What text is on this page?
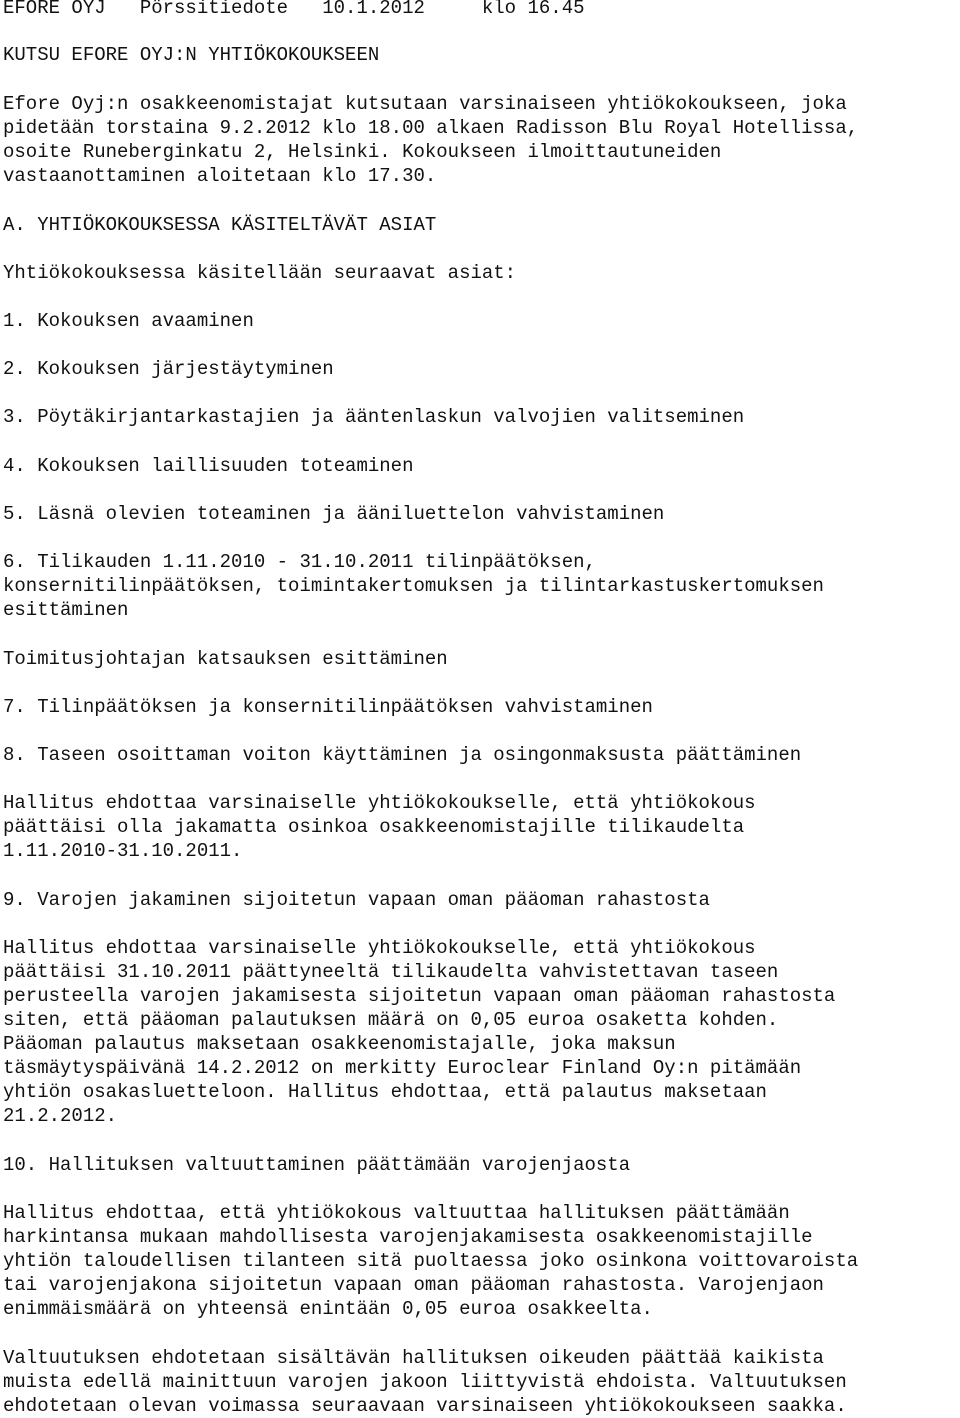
EFORE OYJ   Pörssitiedote   10.1.2012     klo 16.45
KUTSU EFORE OYJ:N YHTIÖKOKOUKSEEN
Efore Oyj:n osakkeenomistajat kutsutaan varsinaiseen yhtiökokoukseen, joka
pidetään torstaina 9.2.2012 klo 18.00 alkaen Radisson Blu Royal Hotellissa,
osoite Runeberginkatu 2, Helsinki. Kokoukseen ilmoittautuneiden
vastaanottaminen aloitetaan klo 17.30.
A. YHTIÖKOKOUKSESSA KÄSITELTÄVÄT ASIAT
Yhtiökokouksessa käsitellään seuraavat asiat:
1. Kokouksen avaaminen
2. Kokouksen järjestäytyminen
3. Pöytäkirjantarkastajien ja ääntenlaskun valvojien valitseminen
4. Kokouksen laillisuuden toteaminen
5. Läsnä olevien toteaminen ja ääniluettelon vahvistaminen
6. Tilikauden 1.11.2010 - 31.10.2011 tilinpäätöksen,
konsernitilinpäätöksen, toimintakertomuksen ja tilintarkastuskertomuksen
esittäminen
Toimitusjohtajan katsauksen esittäminen
7. Tilinpäätöksen ja konsernitilinpäätöksen vahvistaminen
8. Taseen osoittaman voiton käyttäminen ja osingonmaksusta päättäminen
Hallitus ehdottaa varsinaiselle yhtiökokoukselle, että yhtiökokous
päättäisi olla jakamatta osinkoa osakkeenomistajille tilikaudelta
1.11.2010-31.10.2011.
9. Varojen jakaminen sijoitetun vapaan oman pääoman rahastosta
Hallitus ehdottaa varsinaiselle yhtiökokoukselle, että yhtiökokous
päättäisi 31.10.2011 päättyneeltä tilikaudelta vahvistettavan taseen
perusteella varojen jakamisesta sijoitetun vapaan oman pääoman rahastosta
siten, että pääoman palautuksen määrä on 0,05 euroa osaketta kohden.
Pääoman palautus maksetaan osakkeenomistajalle, joka maksun
täsmäytyspäivänä 14.2.2012 on merkitty Euroclear Finland Oy:n pitämään
yhtiön osakasluetteloon. Hallitus ehdottaa, että palautus maksetaan
21.2.2012.
10. Hallituksen valtuuttaminen päättämään varojenjaosta
Hallitus ehdottaa, että yhtiökokous valtuuttaa hallituksen päättämään
harkintansa mukaan mahdollisesta varojenjakamisesta osakkeenomistajille
yhtiön taloudellisen tilanteen sitä puoltaessa joko osinkona voittovaroista
tai varojenjakona sijoitetun vapaan oman pääoman rahastosta. Varojenjaon
enimmäismäärä on yhteensä enintään 0,05 euroa osakkeelta.
Valtuutuksen ehdotetaan sisältävän hallituksen oikeuden päättää kaikista
muista edellä mainittuun varojen jakoon liittyvistä ehdoista. Valtuutuksen
ehdotetaan olevan voimassa seuraavaan varsinaiseen yhtiökokoukseen saakka.
